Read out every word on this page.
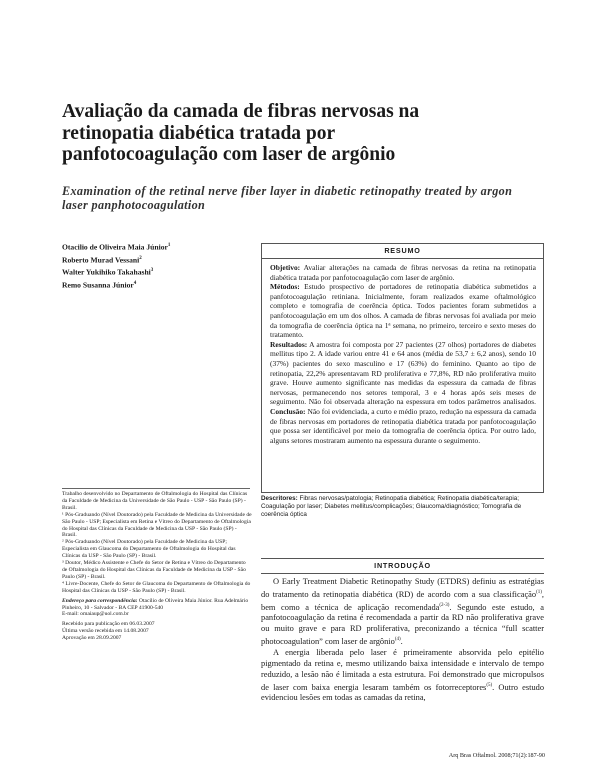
Avaliação da camada de fibras nervosas na retinopatia diabética tratada por panfotocoagulação com laser de argônio
Examination of the retinal nerve fiber layer in diabetic retinopathy treated by argon laser panphotocoagulation
Otacilio de Oliveira Maia Júnior$^1$
Roberto Murad Vessani$^2$
Walter Yukihiko Takahashi$^3$
Remo Susanna Júnior$^4$
RESUMO

Objetivo: Avaliar alterações na camada de fibras nervosas da retina na retinopatia diabética tratada por panfotocoagulação com laser de argônio.

Métodos: Estudo prospectivo de portadores de retinopatia diabética submetidos a panfotocoagulação retiniana. Inicialmente, foram realizados exame oftalmológico completo e tomografia de coerência óptica. Todos pacientes foram submetidos a panfotocoagulação em um dos olhos. A camada de fibras nervosas foi avaliada por meio da tomografia de coerência óptica na 1ª semana, no primeiro, terceiro e sexto meses do tratamento.

Resultados: A amostra foi composta por 27 pacientes (27 olhos) portadores de diabetes mellitus tipo 2. A idade variou entre 41 e 64 anos (média de 53,7 ± 6,2 anos), sendo 10 (37%) pacientes do sexo masculino e 17 (63%) do feminino. Quanto ao tipo de retinopatia, 22,2% apresentavam RD proliferativa e 77,8%, RD não proliferativa muito grave. Houve aumento significante nas medidas da espessura da camada de fibras nervosas, permanecendo nos setores temporal, 3 e 4 horas após seis meses de seguimento. Não foi observada alteração na espessura em todos parâmetros analisados. Conclusão: Não foi evidenciada, a curto e médio prazo, redução na espessura da camada de fibras nervosas em portadores de retinopatia diabética tratada por panfotocoagulação que possa ser identificável por meio da tomografia de coerência óptica. Por outro lado, alguns setores mostraram aumento na espessura durante o seguimento.

Descritores: Fibras nervosas/patologia; Retinopatia diabética; Retinopatia diabética/terapia; Coagulação por laser; Diabetes mellitus/complicações; Glaucoma/diagnóstico; Tomografia de coerência óptica
INTRODUÇÃO

O Early Treatment Diabetic Retinopathy Study (ETDRS) definiu as estratégias do tratamento da retinopatia diabética (RD) de acordo com a sua classificação$^{(1)}$, bem como a técnica de aplicação recomendada$^{(2-3)}$. Segundo este estudo, a panfotocoagulação da retina é recomendada a partir da RD não proliferativa grave ou muito grave e para RD proliferativa, preconizando a técnica “full scatter photocoagulation” com laser de argônio$^{(4)}$.

A energia liberada pelo laser é primeiramente absorvida pelo epitélio pigmentado da retina e, mesmo utilizando baixa intensidade e intervalo de tempo reduzido, a lesão não é limitada a esta estrutura. Foi demonstrado que micropulsos de laser com baixa energia lesaram também os fotorreceptores$^{(5)}$. Outro estudo evidenciou lesões em todas as camadas da retina,

Trabalho desenvolvido no Departamento de Oftalmologia do Hospital das Clínicas da Faculdade de Medicina da Universidade de São Paulo - USP - São Paulo (SP) - Brasil.

¹ Pós-Graduando (Nível Doutorado) pela Faculdade de Medicina da Universidade de São Paulo - USP; Especialista em Retina e Vítreo do Departamento de Oftalmologia do Hospital das Clínicas da Faculdade de Medicina da USP - São Paulo (SP) - Brasil.

² Pós-Graduando (Nível Doutorado) pela Faculdade de Medicina da USP; Especialista em Glaucoma do Departamento de Oftalmologia do Hospital das Clínicas da USP - São Paulo (SP) - Brasil.

³ Doutor, Médico Assistente e Chefe do Setor de Retina e Vítreo do Departamento de Oftalmologia do Hospital das Clínicas da Faculdade de Medicina da USP - São Paulo (SP) - Brasil.

⁴ Livre-Docente, Chefe do Setor de Glaucoma do Departamento de Oftalmologia do Hospital das Clínicas da USP - São Paulo (SP) - Brasil.

Endereço para correspondência: Otacilio de Oliveira Maia Júnior. Rua Adelmário Pinheiro, 10 - Salvador - BA CEP 41900-540

E-mail: omaiaup@uol.com.br

Recebido para publicação em 06.03.2007

Última versão recebida em 14.08.2007

Aprovação em 28.09.2007

Arq Bras Oftalmol. 2008;71(2):187-90
